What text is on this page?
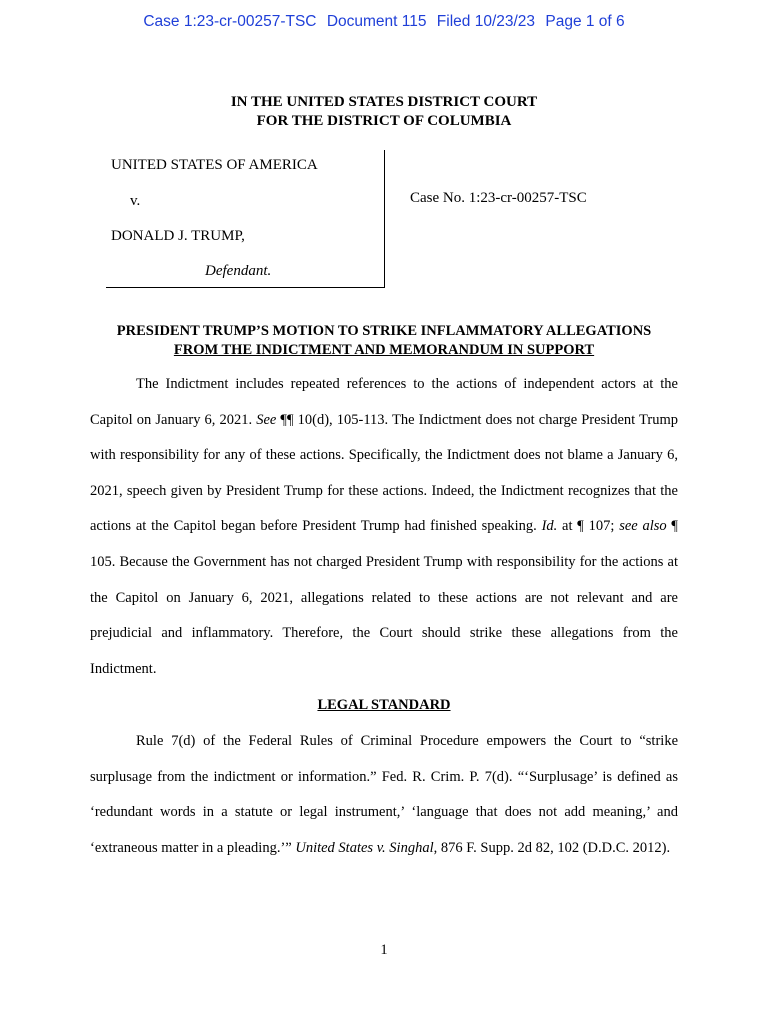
Case 1:23-cr-00257-TSC Document 115 Filed 10/23/23 Page 1 of 6
IN THE UNITED STATES DISTRICT COURT
FOR THE DISTRICT OF COLUMBIA
UNITED STATES OF AMERICA
v.
DONALD J. TRUMP,
Defendant.
Case No. 1:23-cr-00257-TSC
PRESIDENT TRUMP’S MOTION TO STRIKE INFLAMMATORY ALLEGATIONS
FROM THE INDICTMENT AND MEMORANDUM IN SUPPORT

The Indictment includes repeated references to the actions of independent actors at the Capitol on January 6, 2021. See ¶¶ 10(d), 105-113. The Indictment does not charge President Trump with responsibility for any of these actions. Specifically, the Indictment does not blame a January 6, 2021, speech given by President Trump for these actions. Indeed, the Indictment recognizes that the actions at the Capitol began before President Trump had finished speaking. Id. at ¶ 107; see also ¶ 105. Because the Government has not charged President Trump with responsibility for the actions at the Capitol on January 6, 2021, allegations related to these actions are not relevant and are prejudicial and inflammatory. Therefore, the Court should strike these allegations from the Indictment.

LEGAL STANDARD

Rule 7(d) of the Federal Rules of Criminal Procedure empowers the Court to “strike surplusage from the indictment or information.” Fed. R. Crim. P. 7(d). “‘Surplusage’ is defined as ‘redundant words in a statute or legal instrument,’ ‘language that does not add meaning,’ and ‘extraneous matter in a pleading.’” United States v. Singhal, 876 F. Supp. 2d 82, 102 (D.D.C. 2012).

1
